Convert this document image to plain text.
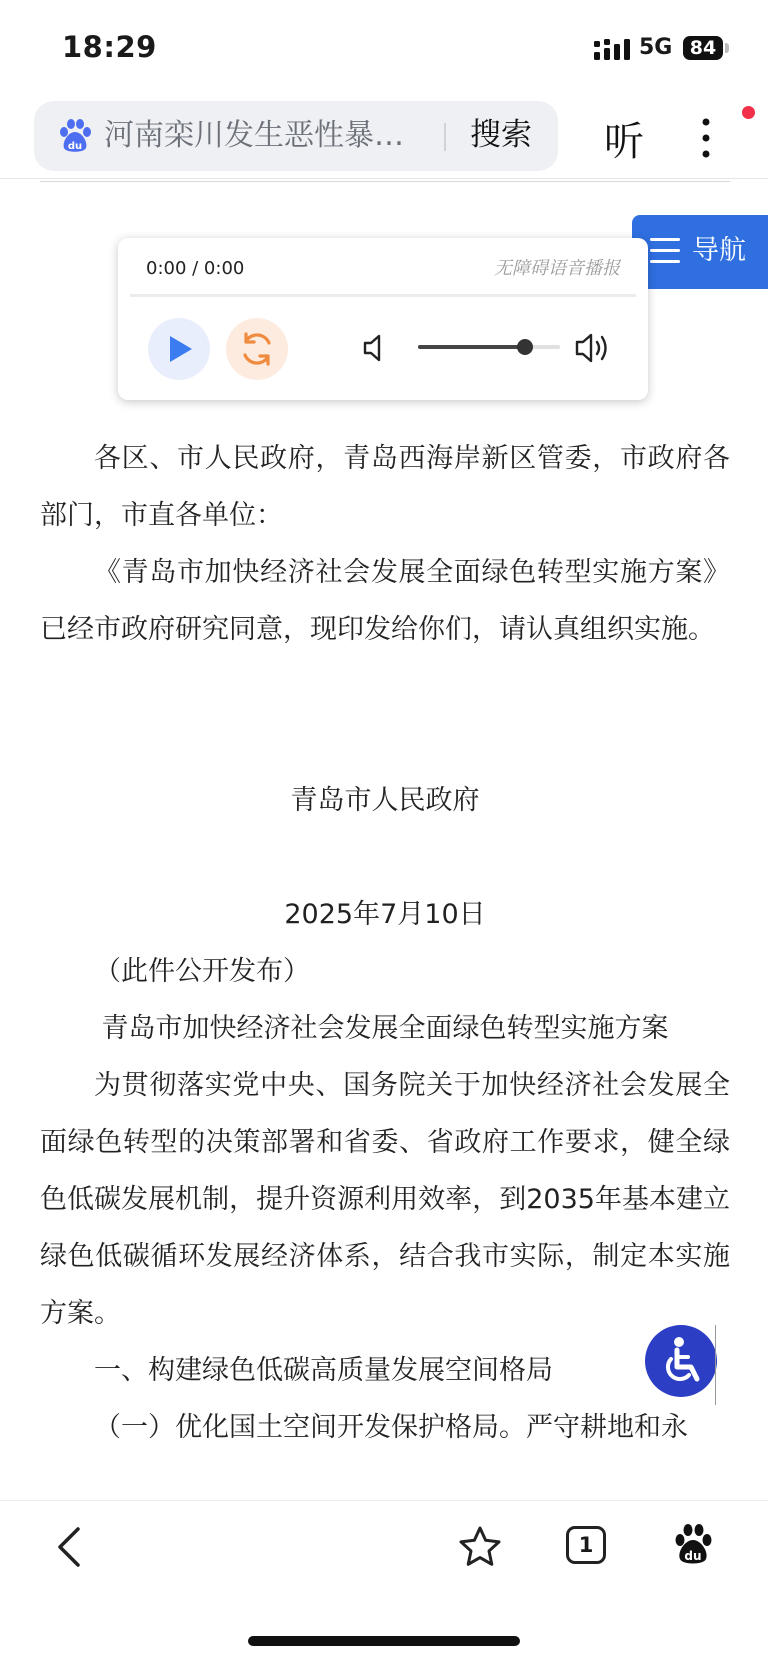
18:29	5G 84
du 河南栾川发生恶性暴…	搜索 听
导航
0:00 / 0:00	无障碍语音播报

各区、市人民政府，青岛西海岸新区管委，市政府各部门，市直各单位：

《青岛市加快经济社会发展全面绿色转型实施方案》已经市政府研究同意，现印发给你们，请认真组织实施。

青岛市人民政府

2025年7月10日

（此件公开发布）

青岛市加快经济社会发展全面绿色转型实施方案

为贯彻落实党中央、国务院关于加快经济社会发展全面绿色转型的决策部署和省委、省政府工作要求，健全绿色低碳发展机制，提升资源利用效率，到2035年基本建立绿色低碳循环发展经济体系，结合我市实际，制定本实施方案。

一、构建绿色低碳高质量发展空间格局

（一）优化国土空间开发保护格局。严守耕地和永

1	du
